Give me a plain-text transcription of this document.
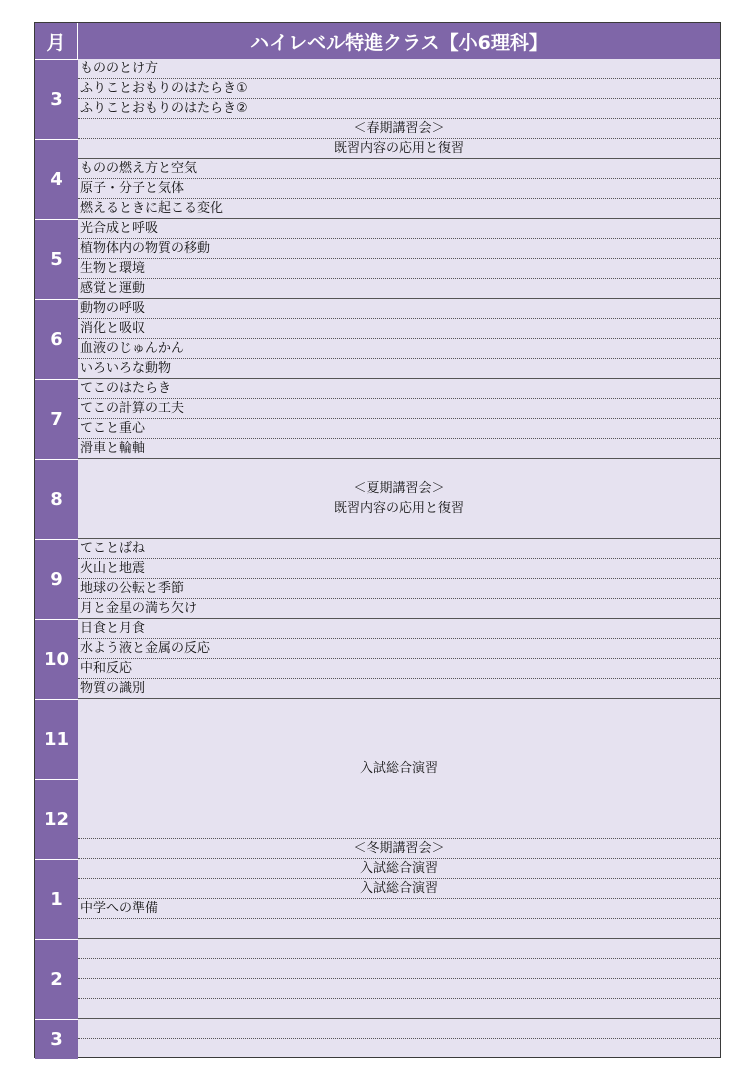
月	ハイレベル特進クラス【小6理科】
3
4
5
6
7
8
9
10
11
12
1
2
3
もののとけ方
ふりことおもりのはたらき①
ふりことおもりのはたらき②
＜春期講習会＞
既習内容の応用と復習
ものの燃え方と空気
原子・分子と気体
燃えるときに起こる変化
光合成と呼吸
植物体内の物質の移動
生物と環境
感覚と運動
動物の呼吸
消化と吸収
血液のじゅんかん
いろいろな動物
てこのはたらき
てこの計算の工夫
てこと重心
滑車と輪軸
＜夏期講習会＞
既習内容の応用と復習
てことばね
火山と地震
地球の公転と季節
月と金星の満ち欠け
日食と月食
水よう液と金属の反応
中和反応
物質の識別
入試総合演習
＜冬期講習会＞
入試総合演習
入試総合演習
中学への準備
